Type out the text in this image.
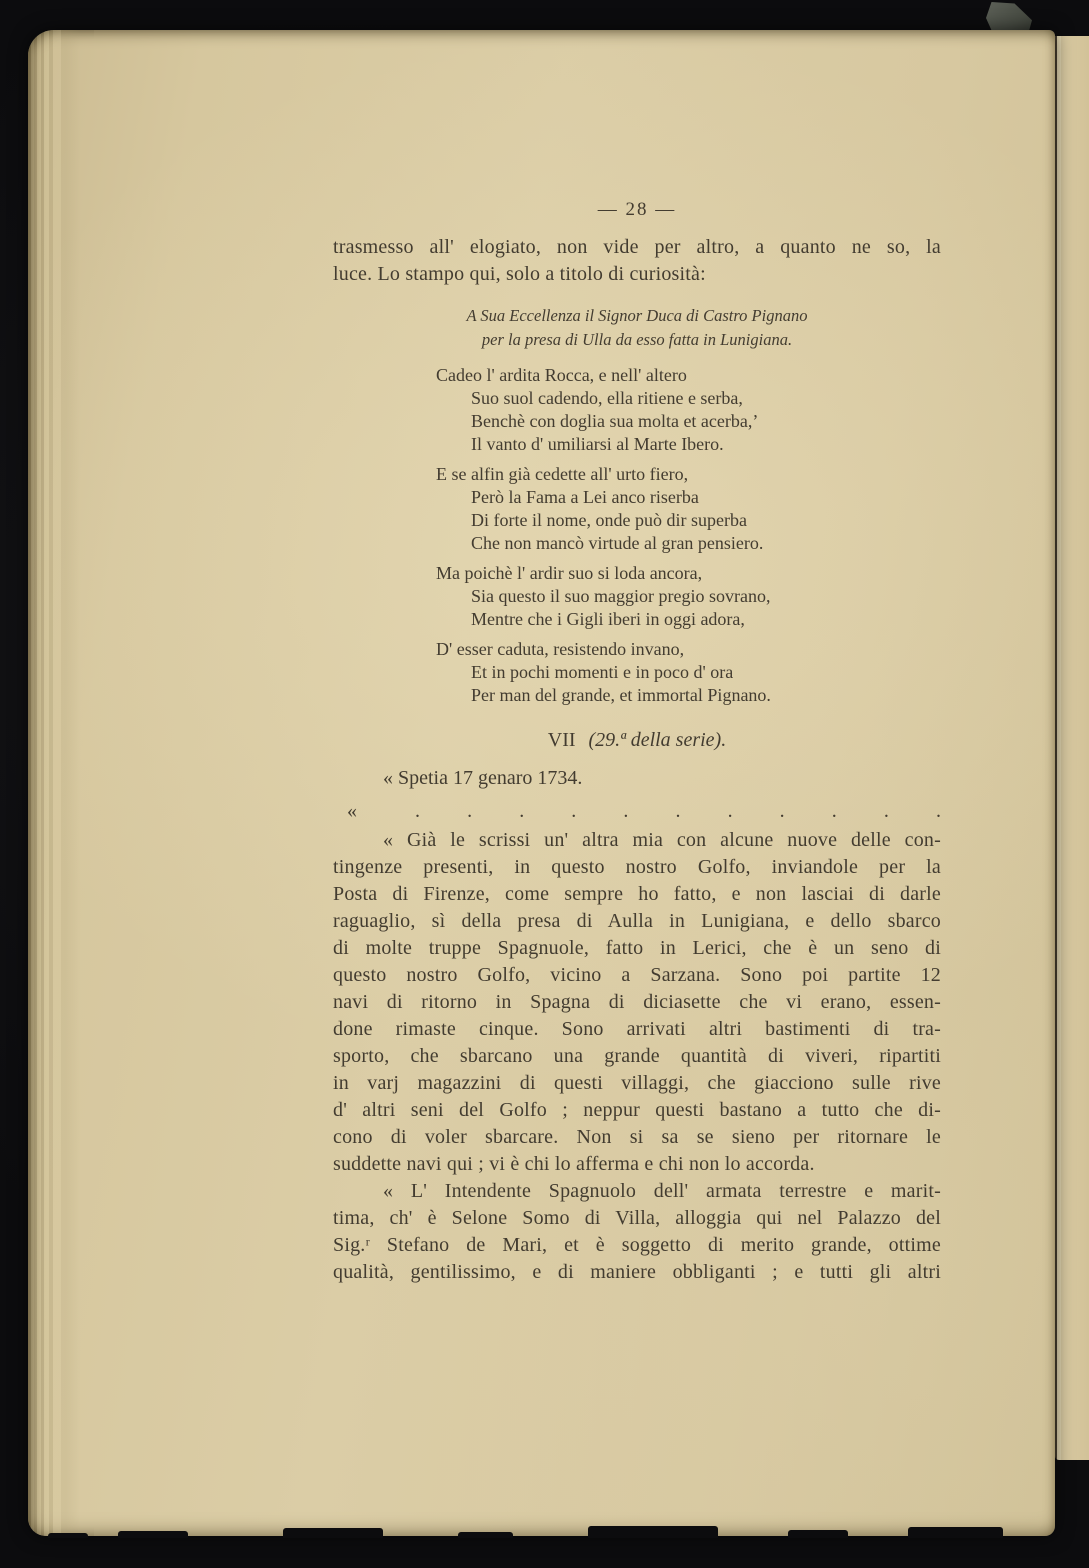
— 28 —
trasmesso all' elogiato, non vide per altro, a quanto ne so, la
luce. Lo stampo qui, solo a titolo di curiosità:
A Sua Eccellenza il Signor Duca di Castro Pignano
per la presa di Ulla da esso fatta in Lunigiana.
Cadeo l' ardita Rocca, e nell' altero
Suo suol cadendo, ella ritiene e serba,
Benchè con doglia sua molta et acerba,ʼ
Il vanto d' umiliarsi al Marte Ibero.
E se alfin già cedette all' urto fiero,
Però la Fama a Lei anco riserba
Di forte il nome, onde può dir superba
Che non mancò virtude al gran pensiero.
Ma poichè l' ardir suo si loda ancora,
Sia questo il suo maggior pregio sovrano,
Mentre che i Gigli iberi in oggi adora,
D' esser caduta, resistendo invano,
Et in pochi momenti e in poco d' ora
Per man del grande, et immortal Pignano.
VII (29.ª della serie).
« Spetia 17 genaro 1734.
«	. . . . . . . . . . .
« Già le scrissi un' altra mia con alcune nuove delle con-
tingenze presenti, in questo nostro Golfo, inviandole per la
Posta di Firenze, come sempre ho fatto, e non lasciai di darle
raguaglio, sì della presa di Aulla in Lunigiana, e dello sbarco
di molte truppe Spagnuole, fatto in Lerici, che è un seno di
questo nostro Golfo, vicino a Sarzana. Sono poi partite 12
navi di ritorno in Spagna di diciasette che vi erano, essen-
done rimaste cinque. Sono arrivati altri bastimenti di tra-
sporto, che sbarcano una grande quantità di viveri, ripartiti
in varj magazzini di questi villaggi, che giacciono sulle rive
d' altri seni del Golfo ; neppur questi bastano a tutto che di-
cono di voler sbarcare. Non si sa se sieno per ritornare le
suddette navi qui ; vi è chi lo afferma e chi non lo accorda.
« L' Intendente Spagnuolo dell' armata terrestre e marit-
tima, ch' è Selone Somo di Villa, alloggia qui nel Palazzo del
Sig.ʳ Stefano de Mari, et è soggetto di merito grande, ottime
qualità, gentilissimo, e di maniere obbliganti ; e tutti gli altri
